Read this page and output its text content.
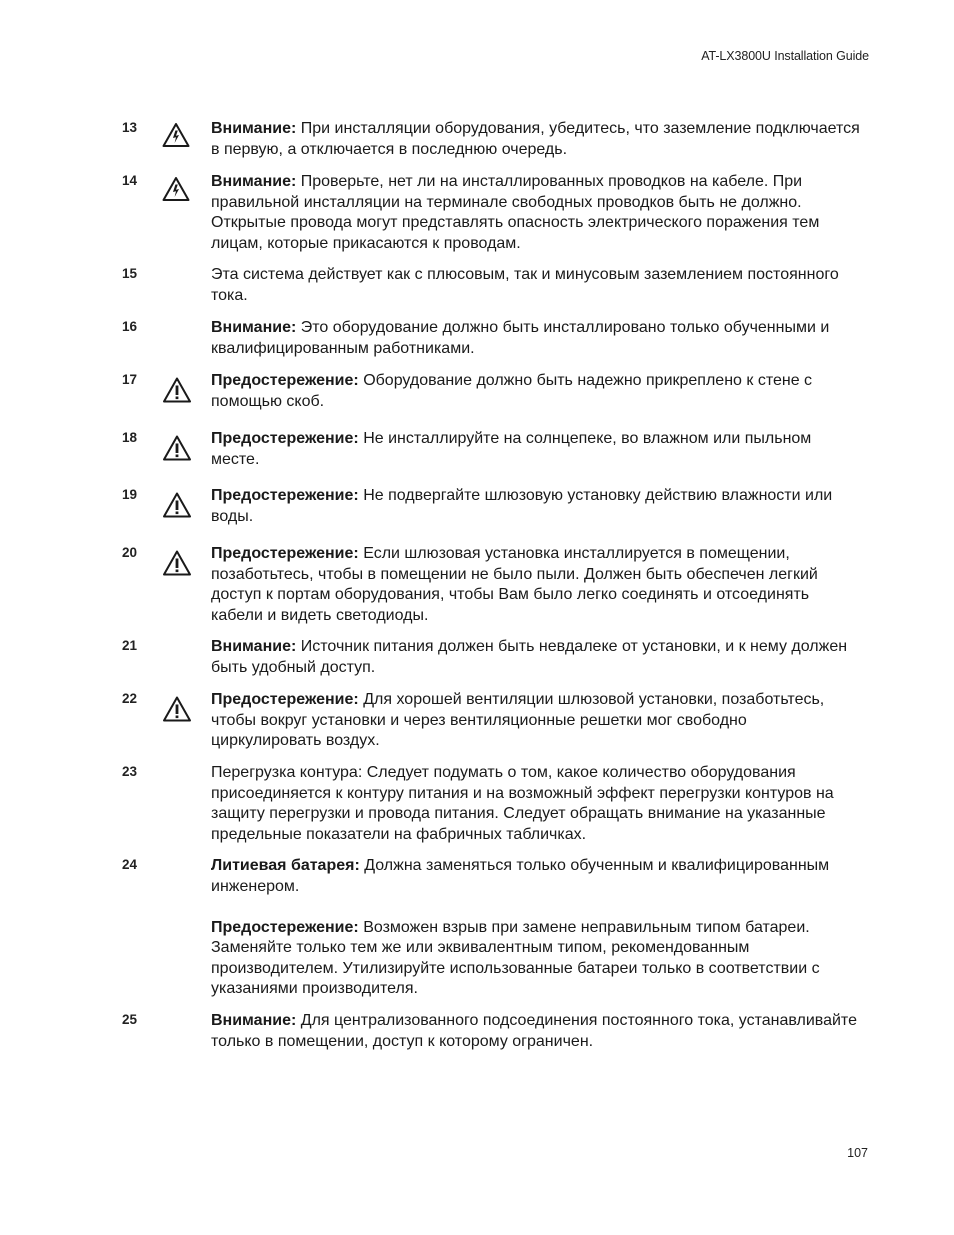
AT-LX3800U Installation Guide
13	Внимание: При инсталляции оборудования, убедитесь, что заземление подключается в первую, а отключается в последнюю очередь.
14	Внимание: Проверьте, нет ли на инсталлированных проводков на кабеле. При правильной инсталляции на терминале свободных проводков быть не должно. Открытые провода могут представлять опасность электрического поражения тем лицам, которые прикасаются к проводам.
15	Эта система действует как с плюсовым, так и минусовым заземлением постоянного тока.
16	Внимание: Это оборудование должно быть инсталлировано только обученными и квалифицированным работниками.
17	Предостережение: Оборудование должно быть надежно прикреплено к стене с помощью скоб.
18	Предостережение: Не инсталлируйте на солнцепеке, во влажном или пыльном месте.
19	Предостережение: Не подвергайте шлюзовую установку действию влажности или воды.
20	Предостережение: Если шлюзовая установка инсталлируется в помещении, позаботьтесь, чтобы в помещении не было пыли. Должен быть обеспечен легкий доступ к портам оборудования, чтобы Вам было легко соединять и отсоединять кабели и видеть светодиоды.
21	Внимание: Источник питания должен быть невдалеке от установки, и к нему должен быть удобный доступ.
22	Предостережение: Для хорошей вентиляции шлюзовой установки, позаботьтесь, чтобы вокруг установки и через вентиляционные решетки мог свободно циркулировать воздух.
23	Перегрузка контура: Следует подумать о том, какое количество оборудования присоединяется к контуру питания и на возможный эффект перегрузки контуров на защиту перегрузки и провода питания. Следует обращать внимание на указанные предельные показатели на фабричных табличках.
24	Литиевая батарея: Должна заменяться только обученным и квалифицированным инженером.
Предостережение: Возможен взрыв при замене неправильным типом батареи. Заменяйте только тем же или эквивалентным типом, рекомендованным производителем. Утилизируйте использованные батареи только в соответствии с указаниями производителя.
25	Внимание: Для централизованного подсоединения постоянного тока, устанавливайте только в помещении, доступ к которому ограничен.
107
